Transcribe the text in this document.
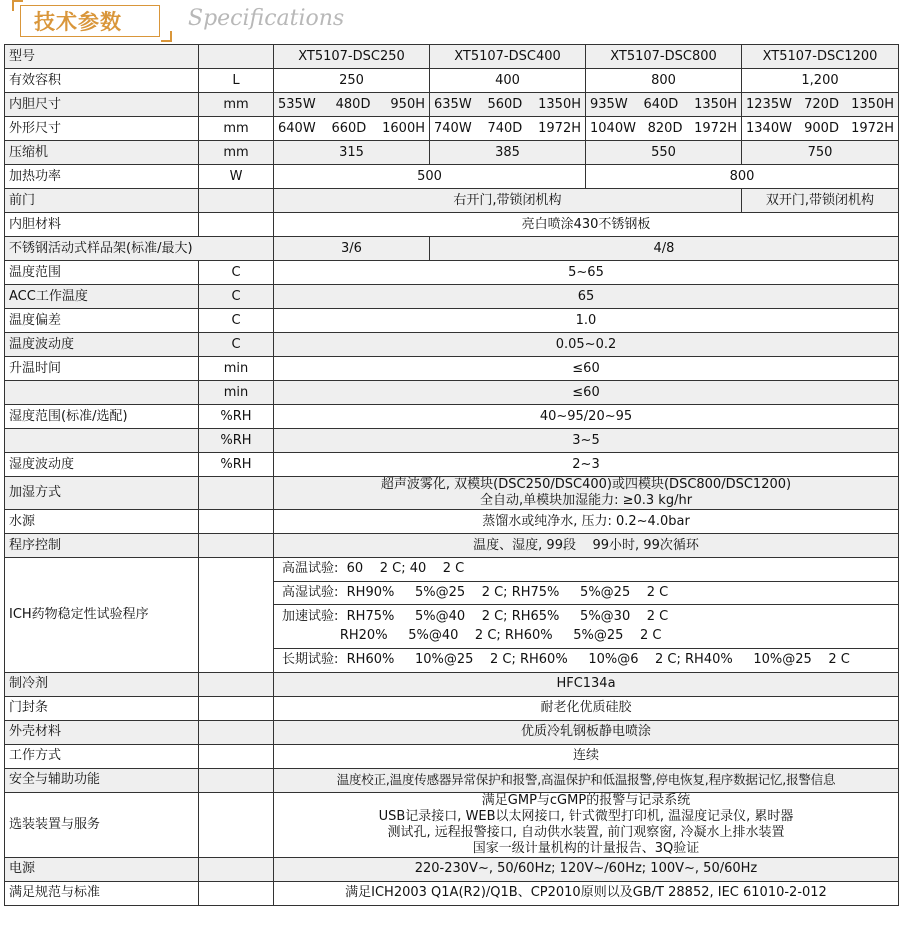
技术参数	Specifications
型号		XT5107-DSC250	XT5107-DSC400	XT5107-DSC800	XT5107-DSC1200
有效容积	L	250	400	800	1,200
内胆尺寸	mm	535W 480D 950H	635W 560D 1350H	935W 640D 1350H	1235W 720D 1350H

外形尺寸	mm	640W 660D 1600H	740W 740D 1972H	1040W 820D 1972H	1340W 900D 1972H

压缩机	mm	315	385	550	750
加热功率	W	500		800	
前门		右开门,带锁闭机构			双开门,带锁闭机构
内胆材料		亮白喷涂430不锈钢板			
不锈钢活动式样品架(标准/最大)		3/6	4/8		
温度范围	C	5~65			
ACC工作温度	C	65			
温度偏差	C	1.0			
温度波动度	C	0.05~0.2			
升温时间	min	≤60			
	min	≤60			
湿度范围(标准/选配)	%RH	40~95/20~95			
	%RH	3~5			
湿度波动度	%RH	2~3			
加湿方式		超声波雾化, 双模块(DSC250/DSC400)或四模块(DSC800/DSC1200)
全自动,单模块加湿能力: ≥0.3 kg/hr			

水源		蒸馏水或纯净水, 压力: 0.2~4.0bar			
程序控制		温度、湿度, 99段    99小时, 99次循环			
ICH药物稳定性试验程序		高温试验:  60    2 C; 40    2 C
高湿试验:  RH90%     5%@25    2 C; RH75%     5%@25    2 C
加速试验:  RH75%     5%@40    2 C; RH65%     5%@30    2 C
RH20%     5%@40    2 C; RH60%     5%@25    2 C
长期试验:  RH60%     10%@25    2 C; RH60%     10%@6    2 C; RH40%     10%@25    2 C			

制冷剂		HFC134a			
门封条		耐老化优质硅胶			
外壳材料		优质冷轧钢板静电喷涂			
工作方式		连续			
安全与辅助功能		温度校正,温度传感器异常保护和报警,高温保护和低温报警,停电恢复,程序数据记忆,报警信息			
选装装置与服务		满足GMP与cGMP的报警与记录系统
USB记录接口, WEB以太网接口, 针式微型打印机, 温湿度记录仪, 累时器
测试孔, 远程报警接口, 自动供水装置, 前门观察窗, 冷凝水上排水装置
国家一级计量机构的计量报告、3Q验证			

电源		220-230V~, 50/60Hz; 120V~/60Hz; 100V~, 50/60Hz			
满足规范与标准		满足ICH2003 Q1A(R2)/Q1B、CP2010原则以及GB/T 28852, IEC 61010-2-012			
